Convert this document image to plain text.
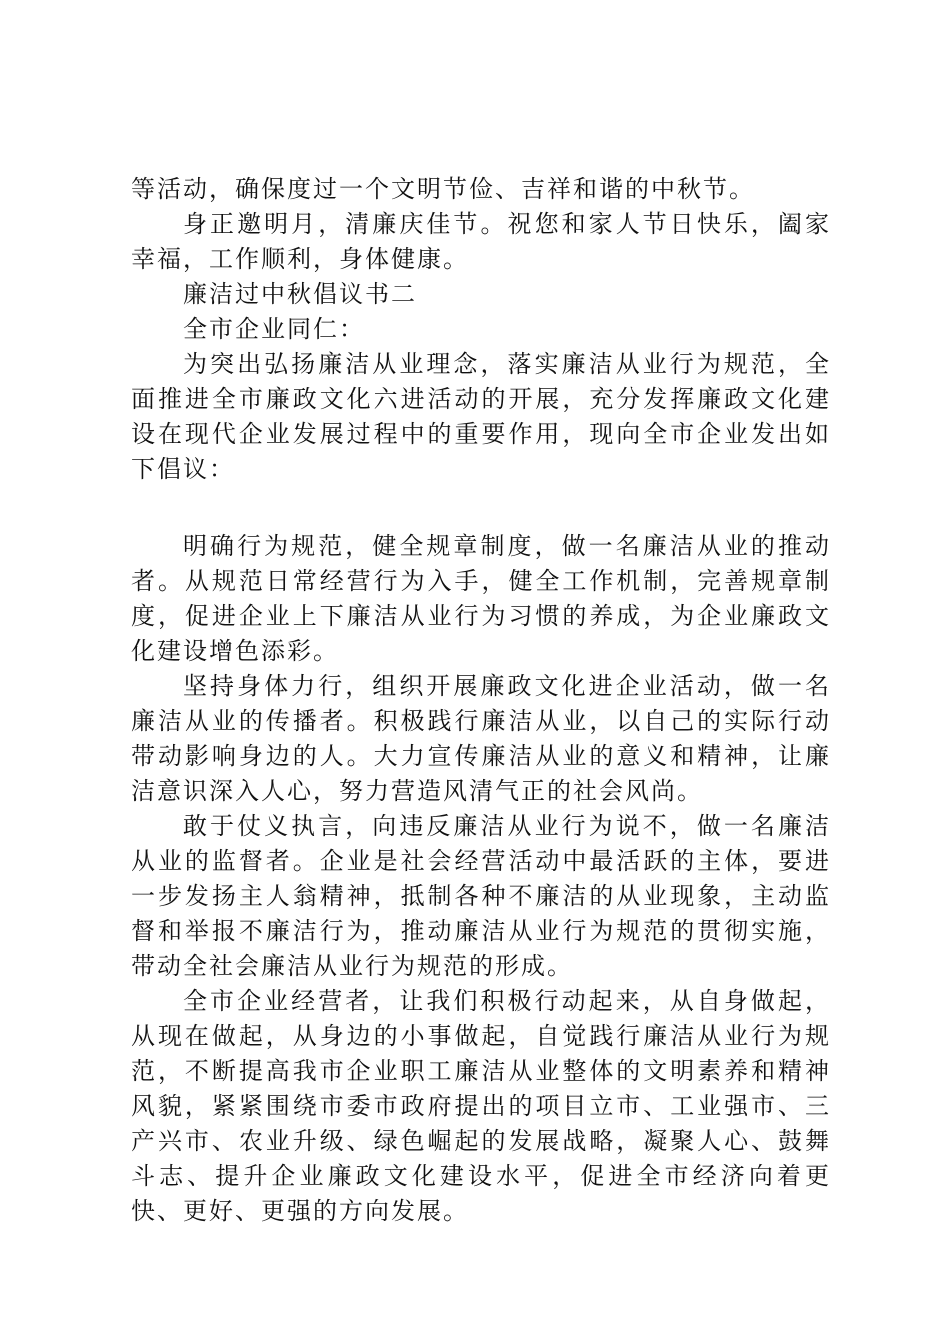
等活动，确保度过一个文明节俭、吉祥和谐的中秋节。

身正邀明月，清廉庆佳节。祝您和家人节日快乐，阖家幸福，工作顺利，身体健康。

廉洁过中秋倡议书二

全市企业同仁：

为突出弘扬廉洁从业理念，落实廉洁从业行为规范，全面推进全市廉政文化六进活动的开展，充分发挥廉政文化建设在现代企业发展过程中的重要作用，现向全市企业发出如下倡议：

明确行为规范，健全规章制度，做一名廉洁从业的推动者。从规范日常经营行为入手，健全工作机制，完善规章制度，促进企业上下廉洁从业行为习惯的养成，为企业廉政文化建设增色添彩。

坚持身体力行，组织开展廉政文化进企业活动，做一名廉洁从业的传播者。积极践行廉洁从业，以自己的实际行动带动影响身边的人。大力宣传廉洁从业的意义和精神，让廉洁意识深入人心，努力营造风清气正的社会风尚。

敢于仗义执言，向违反廉洁从业行为说不，做一名廉洁从业的监督者。企业是社会经营活动中最活跃的主体，要进一步发扬主人翁精神，抵制各种不廉洁的从业现象，主动监督和举报不廉洁行为，推动廉洁从业行为规范的贯彻实施，带动全社会廉洁从业行为规范的形成。

全市企业经营者，让我们积极行动起来，从自身做起，从现在做起，从身边的小事做起，自觉践行廉洁从业行为规范，不断提高我市企业职工廉洁从业整体的文明素养和精神风貌，紧紧围绕市委市政府提出的项目立市、工业强市、三产兴市、农业升级、绿色崛起的发展战略，凝聚人心、鼓舞斗志、提升企业廉政文化建设水平，促进全市经济向着更快、更好、更强的方向发展。
